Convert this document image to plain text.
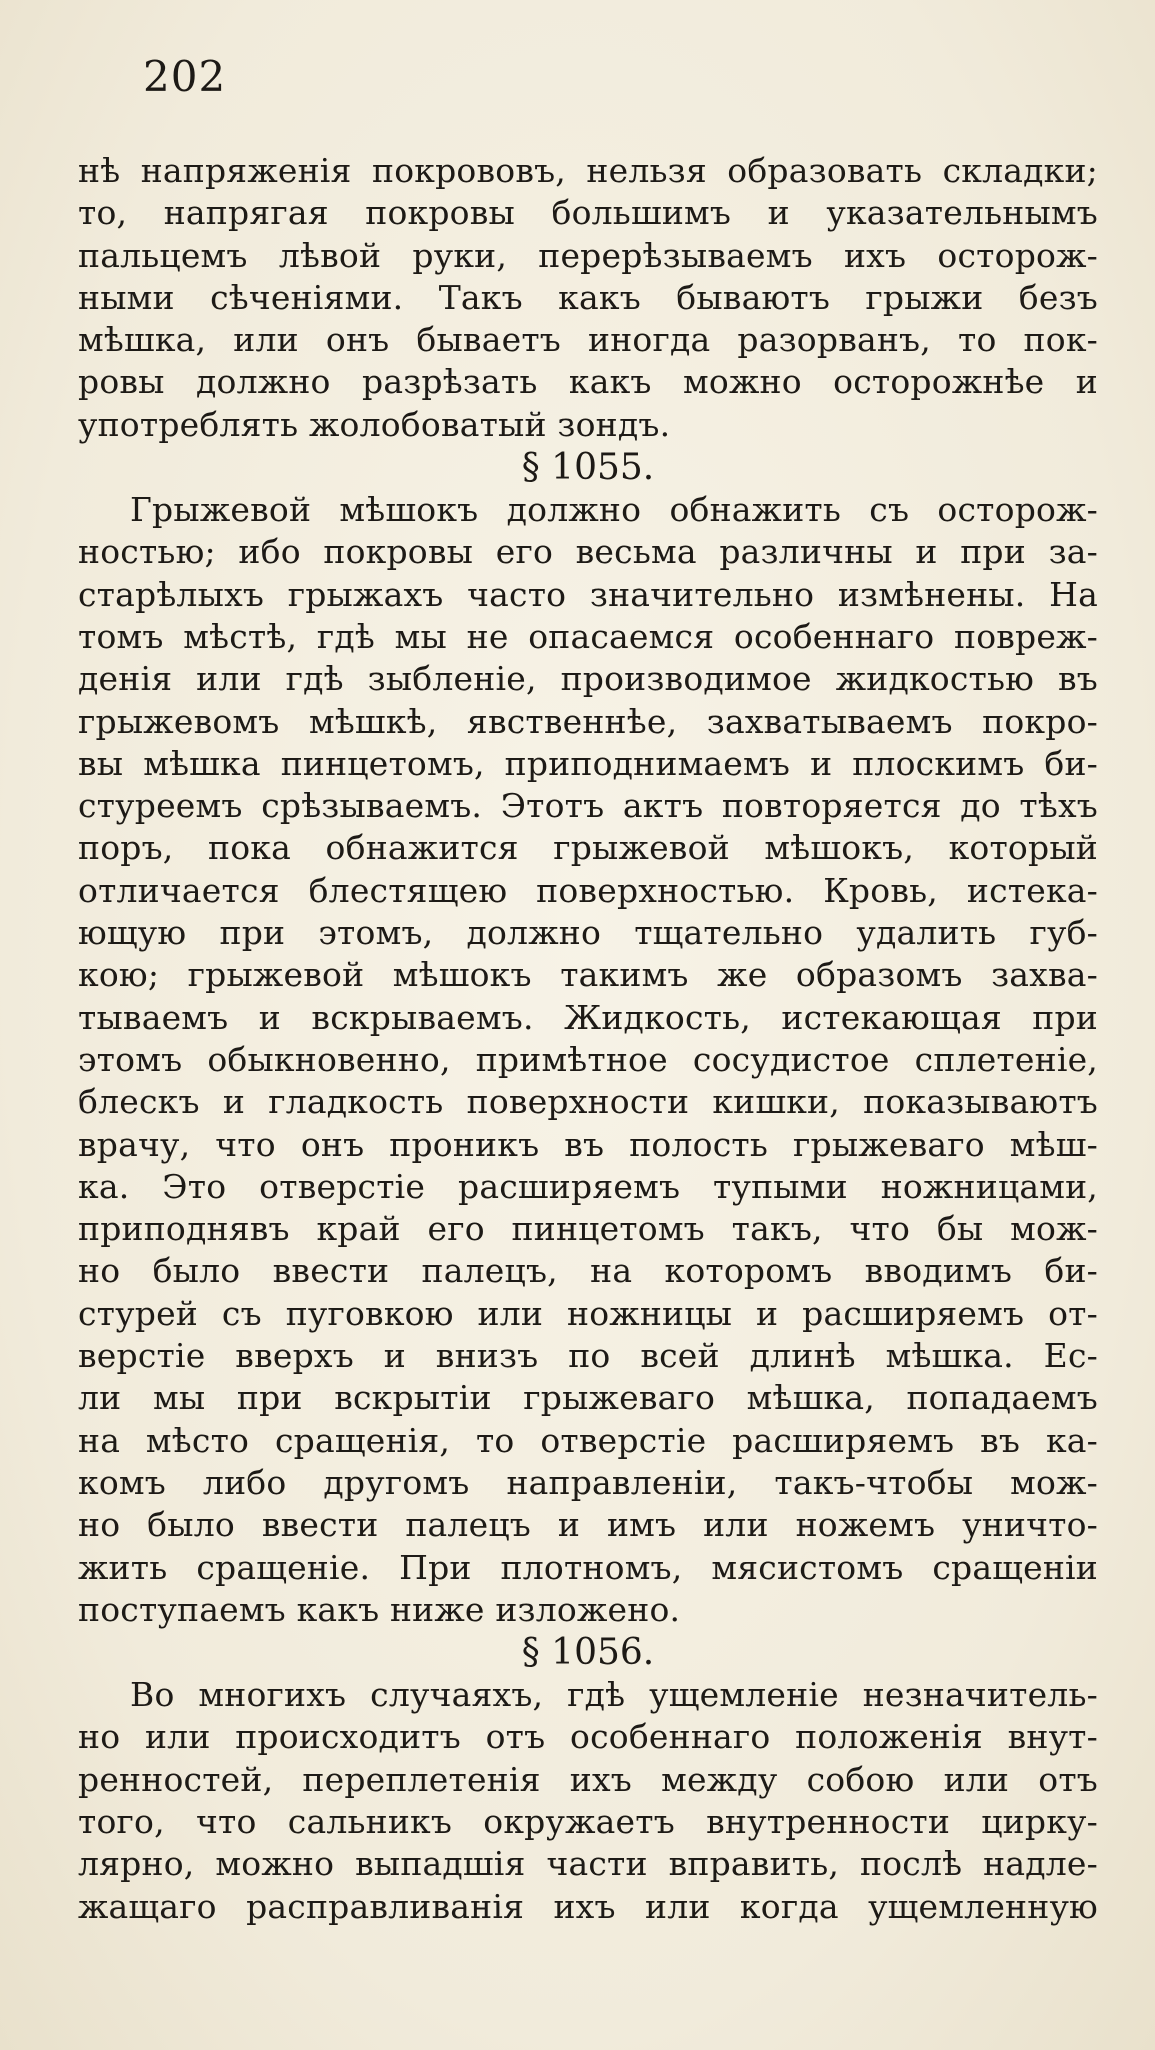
202

нѣ напряженія покрововъ, нельзя образовать складки;
то, напрягая покровы большимъ и указательнымъ
пальцемъ лѣвой руки, перерѣзываемъ ихъ осторож-
ными сѣченіями. Такъ какъ бываютъ грыжи безъ
мѣшка, или онъ бываетъ иногда разорванъ, то пок-
ровы должно разрѣзать какъ можно осторожнѣе и
употреблять жолобоватый зондъ.
§ 1055.
Грыжевой мѣшокъ должно обнажить съ осторож-
ностью; ибо покровы его весьма различны и при за-
старѣлыхъ грыжахъ часто значительно измѣнены. На
томъ мѣстѣ, гдѣ мы не опасаемся особеннаго повреж-
денія или гдѣ зыбленіе, производимое жидкостью въ
грыжевомъ мѣшкѣ, явственнѣе, захватываемъ покро-
вы мѣшка пинцетомъ, приподнимаемъ и плоскимъ би-
стуреемъ срѣзываемъ. Этотъ актъ повторяется до тѣхъ
поръ, пока обнажится грыжевой мѣшокъ, который
отличается блестящею поверхностью. Кровь, истека-
ющую при этомъ, должно тщательно удалить губ-
кою; грыжевой мѣшокъ такимъ же образомъ захва-
тываемъ и вскрываемъ. Жидкость, истекающая при
этомъ обыкновенно, примѣтное сосудистое сплетеніе,
блескъ и гладкость поверхности кишки, показываютъ
врачу, что онъ проникъ въ полость грыжеваго мѣш-
ка. Это отверстіе расширяемъ тупыми ножницами,
приподнявъ край его пинцетомъ такъ, что бы мож-
но было ввести палецъ, на которомъ вводимъ би-
стурей съ пуговкою или ножницы и расширяемъ от-
верстіе вверхъ и внизъ по всей длинѣ мѣшка. Ес-
ли мы при вскрытіи грыжеваго мѣшка, попадаемъ
на мѣсто сращенія, то отверстіе расширяемъ въ ка-
комъ либо другомъ направленіи, такъ-чтобы мож-
но было ввести палецъ и имъ или ножемъ уничто-
жить сращеніе. При плотномъ, мясистомъ сращеніи
поступаемъ какъ ниже изложено.
§ 1056.
Во многихъ случаяхъ, гдѣ ущемленіе незначитель-
но или происходитъ отъ особеннаго положенія внут-
ренностей, переплетенія ихъ между собою или отъ
того, что сальникъ окружаетъ внутренности цирку-
лярно, можно выпадшія части вправить, послѣ надле-
жащаго расправливанія ихъ или когда ущемленную
